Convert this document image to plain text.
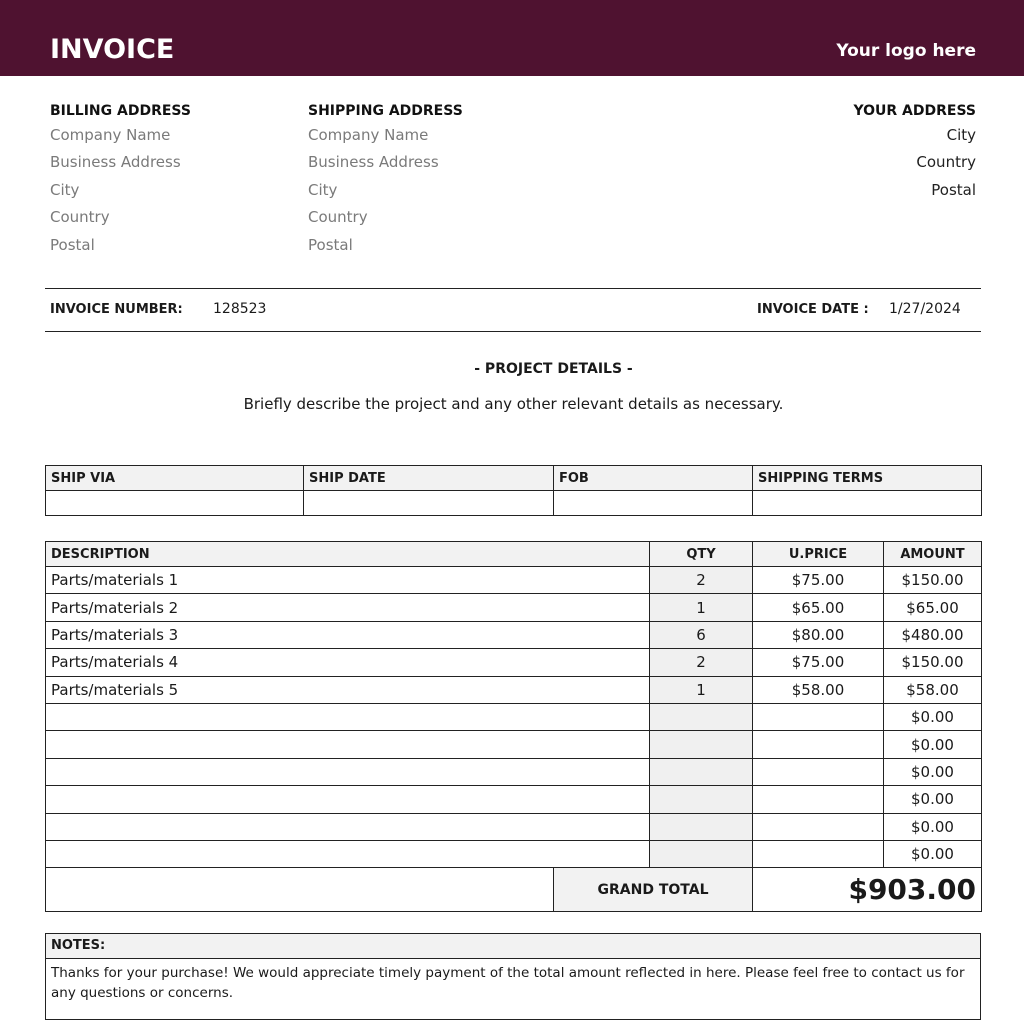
INVOICE	Your logo here
BILLING ADDRESS
Company Name
Business Address
City
Country
Postal
SHIPPING ADDRESS
Company Name
Business Address
City
Country
Postal
YOUR ADDRESS
City
Country
Postal
INVOICE NUMBER: 128523	INVOICE DATE : 1/27/2024
- PROJECT DETAILS -
Briefly describe the project and any other relevant details as necessary.
SHIP VIA	SHIP DATE	FOB	SHIPPING TERMS

DESCRIPTION		QTY	U.PRICE	AMOUNT
Parts/materials 1		2	$75.00	$150.00
Parts/materials 2		1	$65.00	$65.00
Parts/materials 3		6	$80.00	$480.00
Parts/materials 4		2	$75.00	$150.00
Parts/materials 5		1	$58.00	$58.00
				$0.00
				$0.00
				$0.00
				$0.00
				$0.00
				$0.00
	GRAND TOTAL		$903.00	
NOTES:
Thanks for your purchase! We would appreciate timely payment of the total amount reflected in here. Please feel free to contact us for any questions or concerns.
